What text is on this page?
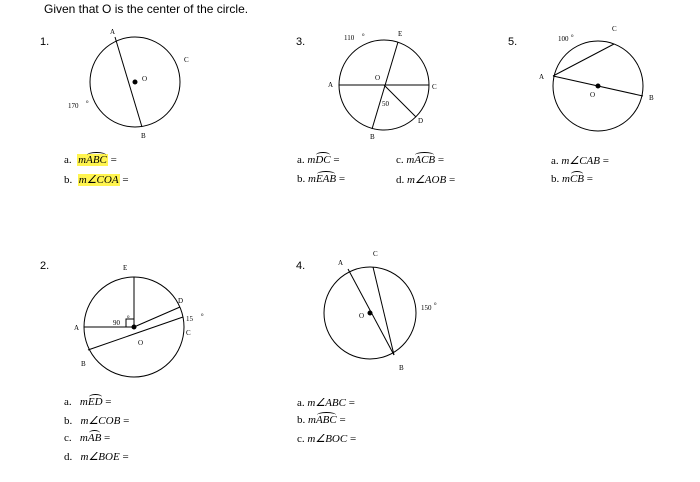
Given that O is the center of the circle.
1.
2.
3.
4.
5.
A
C
O
B
170 o
110 o	E
A
O
C
50
D
B
100 o
C
A
O	B
E
D
90
o	15 o
C
A
O
B
A
C
O
150 o
B
a. mABC =
b. m∠COA =
a. mDC =
b. mEAB =
c. mACB =
d. m∠AOB =
a. m∠CAB =
b. mCB =
a. mED =
b. m∠COB =
c. mAB =
d. m∠BOE =
a. m∠ABC =
b. mABC =
c. m∠BOC =
